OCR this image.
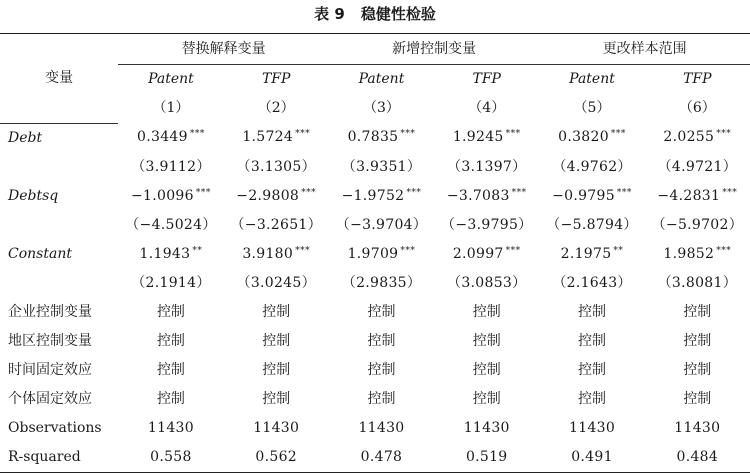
表 9 稳健性检验
变量	替换解释变量		新增控制变量		更改样本范围	
	Patent	TFP	Patent	TFP	Patent	TFP
	（1）	（2）	（3）	（4）	（5）	（6）
Debt	0.3449 ***	1.5724 ***	0.7835 ***	1.9245 ***	0.3820 ***	2.0255 ***
	（3.9112）	（3.1305）	（3.9351）	（3.1397）	（4.9762）	（4.9721）
Debtsq	−1.0096 ***	−2.9808 ***	−1.9752 ***	−3.7083 ***	−0.9795 ***	−4.2831 ***
	（−4.5024）	（−3.2651）	（−3.9704）	（−3.9795）	（−5.8794）	（−5.9702）
Constant	1.1943 **	3.9180 ***	1.9709 ***	2.0997 ***	2.1975 **	1.9852 ***
	（2.1914）	（3.0245）	（2.9835）	（3.0853）	（2.1643）	（3.8081）
企业控制变量	控制	控制	控制	控制	控制	控制
地区控制变量	控制	控制	控制	控制	控制	控制
时间固定效应	控制	控制	控制	控制	控制	控制
个体固定效应	控制	控制	控制	控制	控制	控制
Observations	11430	11430	11430	11430	11430	11430
R-squared	0.558	0.562	0.478	0.519	0.491	0.484
